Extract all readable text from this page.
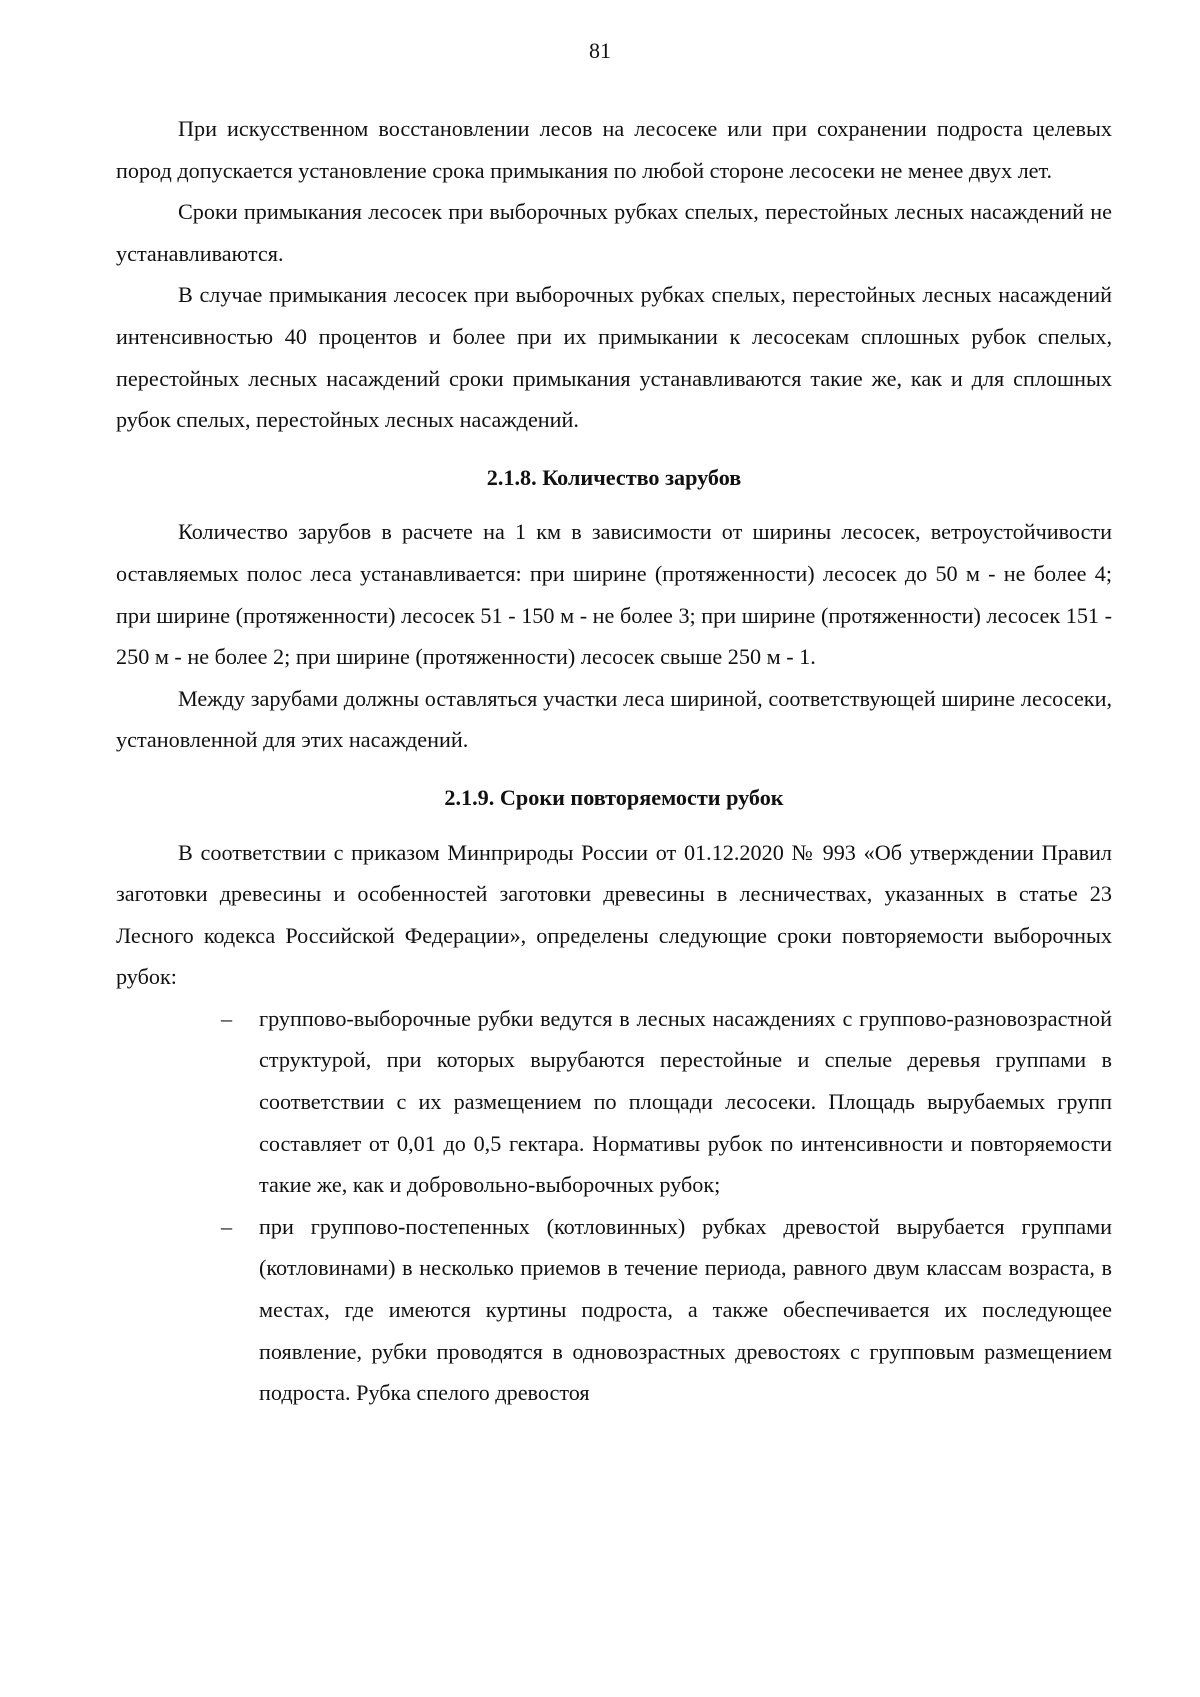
81

При искусственном восстановлении лесов на лесосеке или при сохранении подроста целевых пород допускается установление срока примыкания по любой стороне лесосеки не менее двух лет.

Сроки примыкания лесосек при выборочных рубках спелых, перестойных лесных насаждений не устанавливаются.

В случае примыкания лесосек при выборочных рубках спелых, перестойных лесных насаждений интенсивностью 40 процентов и более при их примыкании к лесосекам сплошных рубок спелых, перестойных лесных насаждений сроки примыкания устанавливаются такие же, как и для сплошных рубок спелых, перестойных лесных насаждений.

2.1.8. Количество зарубов

Количество зарубов в расчете на 1 км в зависимости от ширины лесосек, ветроустойчивости оставляемых полос леса устанавливается: при ширине (протяженности) лесосек до 50 м - не более 4; при ширине (протяженности) лесосек 51 - 150 м - не более 3; при ширине (протяженности) лесосек 151 - 250 м - не более 2; при ширине (протяженности) лесосек свыше 250 м - 1.

Между зарубами должны оставляться участки леса шириной, соответствующей ширине лесосеки, установленной для этих насаждений.

2.1.9. Сроки повторяемости рубок

В соответствии с приказом Минприроды России от 01.12.2020 № 993 «Об утверждении Правил заготовки древесины и особенностей заготовки древесины в лесничествах, указанных в статье 23 Лесного кодекса Российской Федерации», определены следующие сроки повторяемости выборочных рубок:

– групповo-выборочные рубки ведутся в лесных насаждениях с группово-разновозрастной структурой, при которых вырубаются перестойные и спелые деревья группами в соответствии с их размещением по площади лесосеки. Площадь вырубаемых групп составляет от 0,01 до 0,5 гектара. Нормативы рубок по интенсивности и повторяемости такие же, как и добровольно-выборочных рубок;
– при группово-постепенных (котловинных) рубках древостой вырубается группами (котловинами) в несколько приемов в течение периода, равного двум классам возраста, в местах, где имеются куртины подроста, а также обеспечивается их последующее появление, рубки проводятся в одновозрастных древостоях с групповым размещением подроста. Рубка спелого древостоя
